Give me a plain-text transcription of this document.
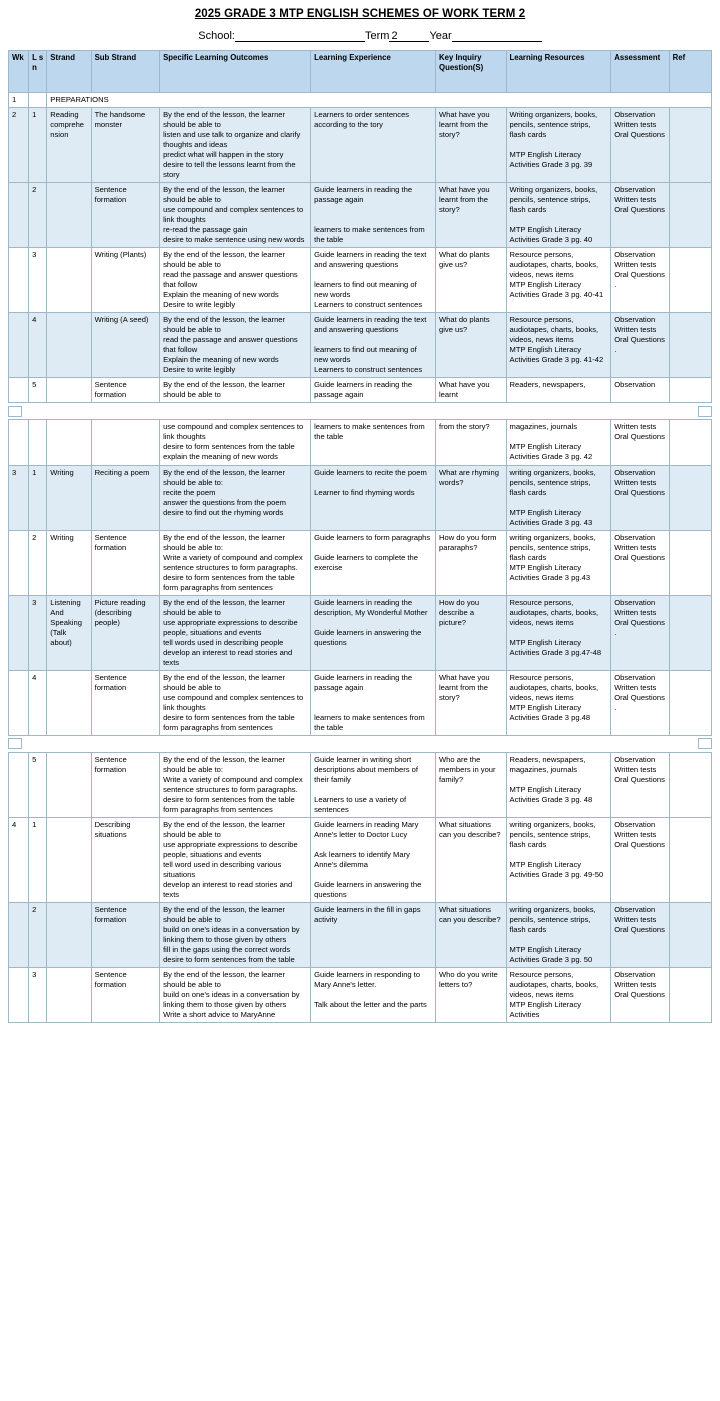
2025 GRADE 3 MTP ENGLISH SCHEMES OF WORK TERM 2
School:	Term 2	Year
Wk	L s n	Strand	Sub Strand	Specific Learning Outcomes	Learning Experience	Key Inquiry Question(S)	Learning Resources	Assessment	Ref
1		PREPARATIONS							
2	1	Reading comprehension	The handsome monster	By the end of the lesson, the learner should be able to
listen and use talk to organize and clarify thoughts and ideas
predict what will happen in the story
desire to tell the lessons learnt from the story	Learners to order sentences according to the tory	What have you learnt from the story?	Writing organizers, books, pencils, sentence strips, flash cards

MTP English Literacy Activities Grade 3 pg. 39	Observation
Written tests
Oral Questions	
	2		Sentence formation	By the end of the lesson, the learner should be able to
use compound and complex sentences to link thoughts
re-read the passage gain
desire to make sentence using new words	Guide learners in reading the passage again

learners to make sentences from the table	What have you learnt from the story?	Writing organizers, books, pencils, sentence strips, flash cards

MTP English Literacy Activities Grade 3 pg. 40	Observation
Written tests
Oral Questions	
	3		Writing (Plants)	By the end of the lesson, the learner should be able to
read the passage and answer questions that follow
Explain the meaning of new words
Desire to write legibly	Guide learners in reading the text and answering questions

learners to find out meaning of new words
Learners to construct sentences	What do plants give us?	Resource persons, audiotapes, charts, books, videos, news items
MTP English Literacy Activities Grade 3 pg. 40-41	Observation
Written tests
Oral Questions .	
	4		Writing (A seed)	By the end of the lesson, the learner should be able to
read the passage and answer questions that follow
Explain the meaning of new words
Desire to write legibly	Guide learners in reading the text and answering questions

learners to find out meaning of new words
Learners to construct sentences	What do plants give us?	Resource persons, audiotapes, charts, books, videos, news items
MTP English Literacy Activities Grade 3 pg. 41-42	Observation
Written tests
Oral Questions .	
	5		Sentence formation	By the end of the lesson, the learner should be able to	Guide learners in reading the passage again	What have you learnt	Readers, newspapers,	Observation	
				use compound and complex sentences to link thoughts
desire to form sentences from the table
explain the meaning of new words	learners to make sentences from the table	from the story?	magazines, journals

MTP English Literacy Activities Grade 3 pg. 42	Written tests
Oral Questions	
3	1	Writing	Reciting a poem	By the end of the lesson, the learner should be able to:
recite the poem
answer the questions from the poem
desire to find out the rhyming words	Guide learners to recite the poem

Learner to find rhyming words	What are rhyming words?	writing organizers, books, pencils, sentence strips, flash cards

MTP English Literacy Activities Grade 3 pg. 43	Observation
Written tests
Oral Questions	
	2	Writing	Sentence formation	By the end of the lesson, the learner should be able to:
Write a variety of compound and complex sentence structures to form paragraphs.
desire to form sentences from the table
form paragraphs from sentences	Guide learners to form paragraphs

Guide learners to complete the exercise	How do you form pararaphs?	writing organizers, books, pencils, sentence strips, flash cards
MTP English Literacy Activities Grade 3 pg.43	Observation
Written tests
Oral Questions	
	3	Listening And Speaking (Talk about)	Picture reading (describing people)	By the end of the lesson, the learner should be able to
use appropriate expressions to describe people, situations and events
tell words used in describing people
develop an interest to read stories and texts	Guide learners in reading the description, My Wonderful Mother

Guide learners in answering the questions	How do you describe a picture?	Resource persons, audiotapes, charts, books, videos, news items

MTP English Literacy Activities Grade 3 pg.47-48	Observation
Written tests
Oral Questions .	
	4		Sentence formation	By the end of the lesson, the learner should be able to
use compound and complex sentences to link thoughts
desire to form sentences from the table
form paragraphs from sentences	Guide learners in reading the passage again

learners to make sentences from the table	What have you learnt from the story?	Resource persons, audiotapes, charts, books, videos, news items
MTP English Literacy Activities Grade 3 pg.48	Observation
Written tests
Oral Questions .	
	5		Sentence formation	By the end of the lesson, the learner should be able to:
Write a variety of compound and complex sentence structures to form paragraphs.
desire to form sentences from the table
form paragraphs from sentences	Guide learner in writing short descriptions about members of their family

Learners to use a variety of sentences	Who are the members in your family?	Readers, newspapers, magazines, journals

MTP English Literacy Activities Grade 3 pg. 48	Observation
Written tests
Oral Questions	
4	1		Describing situations	By the end of the lesson, the learner should be able to
use appropriate expressions to describe people, situations and events
tell word used in describing various situations
develop an interest to read stories and texts	Guide learners in reading Mary Anne's letter to Doctor Lucy

Ask learners to identify Mary Anne's dilemma

Guide learners in answering the questions	What situations can you describe?	writing organizers, books, pencils, sentence strips, flash cards

MTP English Literacy Activities Grade 3 pg. 49-50	Observation
Written tests
Oral Questions	
	2		Sentence formation	By the end of the lesson, the learner should be able to
build on one's ideas in a conversation by linking them to those given by others
fill in the gaps using the correct words
desire to form sentences from the table	Guide learners in the fill in gaps activity	What situations can you describe?	writing organizers, books, pencils, sentence strips, flash cards

MTP English Literacy Activities Grade 3 pg. 50	Observation
Written tests
Oral Questions	
	3		Sentence formation	By the end of the lesson, the learner should be able to
build on one's ideas in a conversation by linking them to those given by others
Write a short advice to MaryAnne	Guide learners in responding to Mary Anne's letter.

Talk about the letter and the parts	Who do you write letters to?	Resource persons, audiotapes, charts, books, videos, news items
MTP English Literacy Activities	Observation
Written tests
Oral Questions	
